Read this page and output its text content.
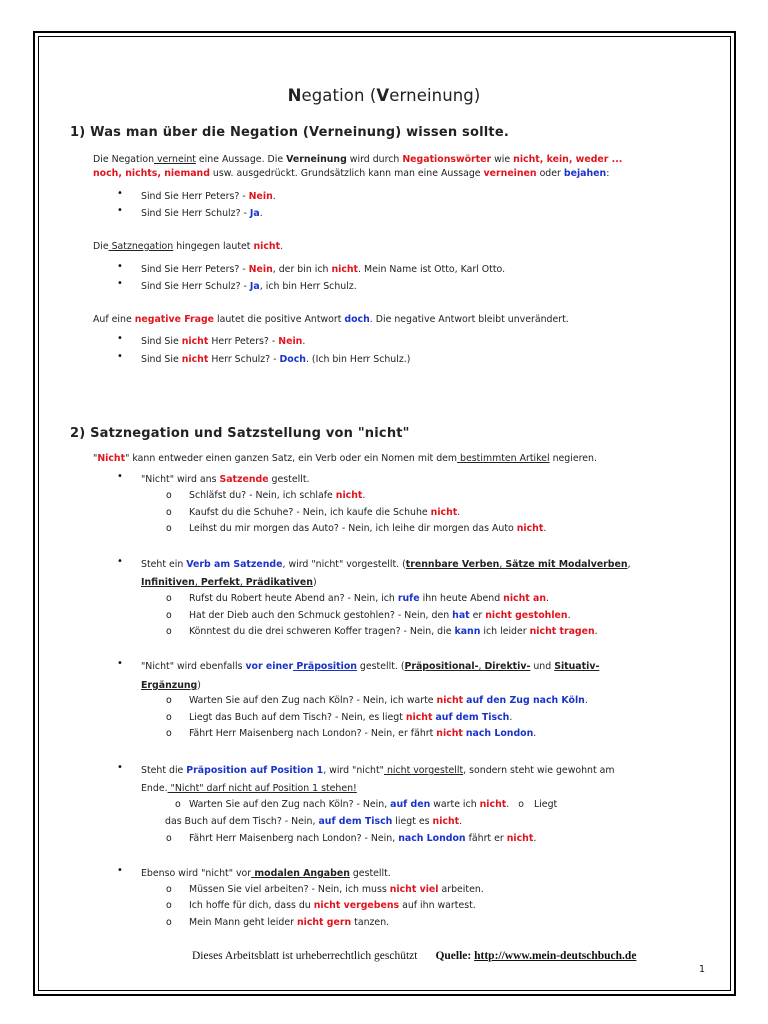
Negation (Verneinung)
1) Was man über die Negation (Verneinung) wissen sollte.
Die Negation verneint eine Aussage. Die Verneinung wird durch Negationswörter wie nicht, kein, weder ...
noch, nichts, niemand usw. ausgedrückt. Grundsätzlich kann man eine Aussage verneinen oder bejahen:
• Sind Sie Herr Peters? - Nein.
• Sind Sie Herr Schulz? - Ja.
Die Satznegation hingegen lautet nicht.
• Sind Sie Herr Peters? - Nein, der bin ich nicht. Mein Name ist Otto, Karl Otto.
• Sind Sie Herr Schulz? - Ja, ich bin Herr Schulz.
Auf eine negative Frage lautet die positive Antwort doch. Die negative Antwort bleibt unverändert.
• Sind Sie nicht Herr Peters? - Nein.
• Sind Sie nicht Herr Schulz? - Doch. (Ich bin Herr Schulz.)
2) Satznegation und Satzstellung von "nicht"
"Nicht" kann entweder einen ganzen Satz, ein Verb oder ein Nomen mit dem bestimmten Artikel negieren.
• "Nicht" wird ans Satzende gestellt.
o Schläfst du? - Nein, ich schlafe nicht.
o Kaufst du die Schuhe? - Nein, ich kaufe die Schuhe nicht.
o Leihst du mir morgen das Auto? - Nein, ich leihe dir morgen das Auto nicht.
• Steht ein Verb am Satzende, wird "nicht" vorgestellt. (trennbare Verben, Sätze mit Modalverben,
Infinitiven, Perfekt, Prädikativen)
o Rufst du Robert heute Abend an? - Nein, ich rufe ihn heute Abend nicht an.
o Hat der Dieb auch den Schmuck gestohlen? - Nein, den hat er nicht gestohlen.
o Könntest du die drei schweren Koffer tragen? - Nein, die kann ich leider nicht tragen.
• "Nicht" wird ebenfalls vor einer Präposition gestellt. (Präpositional-, Direktiv- und Situativ-
Ergänzung)
o Warten Sie auf den Zug nach Köln? - Nein, ich warte nicht auf den Zug nach Köln.
o Liegt das Buch auf dem Tisch? - Nein, es liegt nicht auf dem Tisch.
o Fährt Herr Maisenberg nach London? - Nein, er fährt nicht nach London.
• Steht die Präposition auf Position 1, wird "nicht" nicht vorgestellt, sondern steht wie gewohnt am
Ende. "Nicht" darf nicht auf Position 1 stehen!
o Warten Sie auf den Zug nach Köln? - Nein, auf den warte ich nicht. o Liegt
das Buch auf dem Tisch? - Nein, auf dem Tisch liegt es nicht.
o Fährt Herr Maisenberg nach London? - Nein, nach London fährt er nicht.
• Ebenso wird "nicht" vor modalen Angaben gestellt.
o Müssen Sie viel arbeiten? - Nein, ich muss nicht viel arbeiten.
o Ich hoffe für dich, dass du nicht vergebens auf ihn wartest.
o Mein Mann geht leider nicht gern tanzen.
Dieses Arbeitsblatt ist urheberrechtlich geschützt Quelle: http://www.mein-deutschbuch.de
1
